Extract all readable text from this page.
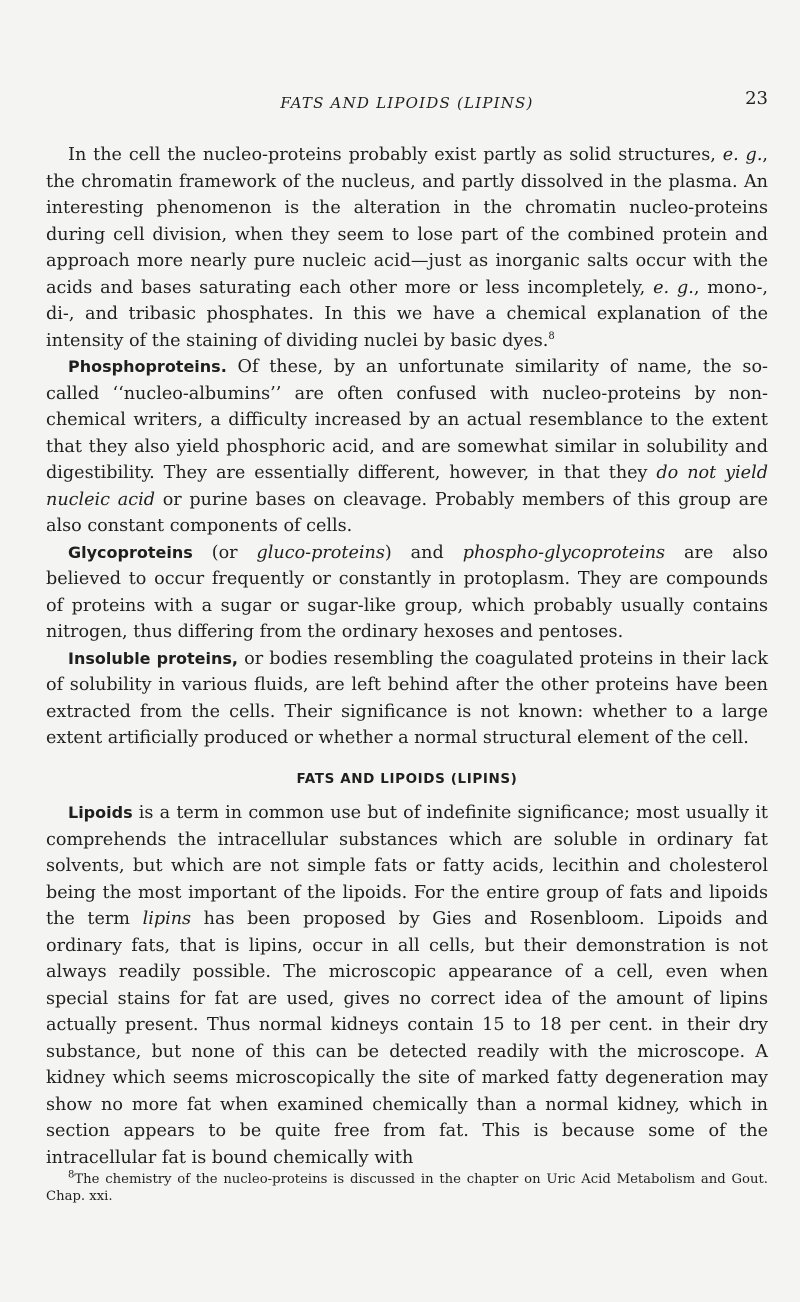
FATS AND LIPOIDS (LIPINS)	23

In the cell the nucleo-proteins probably exist partly as solid structures, e. g., the chromatin framework of the nucleus, and partly dissolved in the plasma. An interesting phenomenon is the alteration in the chromatin nucleo-proteins during cell division, when they seem to lose part of the combined protein and approach more nearly pure nucleic acid—just as inorganic salts occur with the acids and bases saturating each other more or less incompletely, e. g., mono-, di-, and tribasic phosphates. In this we have a chemical explanation of the intensity of the staining of dividing nuclei by basic dyes.$^8$

Phosphoproteins. Of these, by an unfortunate similarity of name, the so-called ‘‘nucleo-albumins’’ are often confused with nucleo-proteins by non-chemical writers, a difficulty increased by an actual resemblance to the extent that they also yield phosphoric acid, and are somewhat similar in solubility and digestibility. They are essentially different, however, in that they do not yield nucleic acid or purine bases on cleavage. Probably members of this group are also constant components of cells.

Glycoproteins (or gluco-proteins) and phospho-glycoproteins are also believed to occur frequently or constantly in protoplasm. They are compounds of proteins with a sugar or sugar-like group, which probably usually contains nitrogen, thus differing from the ordinary hexoses and pentoses.

Insoluble proteins, or bodies resembling the coagulated proteins in their lack of solubility in various fluids, are left behind after the other proteins have been extracted from the cells. Their significance is not known: whether to a large extent artificially produced or whether a normal structural element of the cell.

FATS AND LIPOIDS (LIPINS)

Lipoids is a term in common use but of indefinite significance; most usually it comprehends the intracellular substances which are soluble in ordinary fat solvents, but which are not simple fats or fatty acids, lecithin and cholesterol being the most important of the lipoids. For the entire group of fats and lipoids the term lipins has been proposed by Gies and Rosenbloom. Lipoids and ordinary fats, that is lipins, occur in all cells, but their demonstration is not always readily possible. The microscopic appearance of a cell, even when special stains for fat are used, gives no correct idea of the amount of lipins actually present. Thus normal kidneys contain 15 to 18 per cent. in their dry substance, but none of this can be detected readily with the microscope. A kidney which seems microscopically the site of marked fatty degeneration may show no more fat when examined chemically than a normal kidney, which in section appears to be quite free from fat. This is because some of the intracellular fat is bound chemically with

$^8$The chemistry of the nucleo-proteins is discussed in the chapter on Uric Acid Metabolism and Gout. Chap. xxi.
